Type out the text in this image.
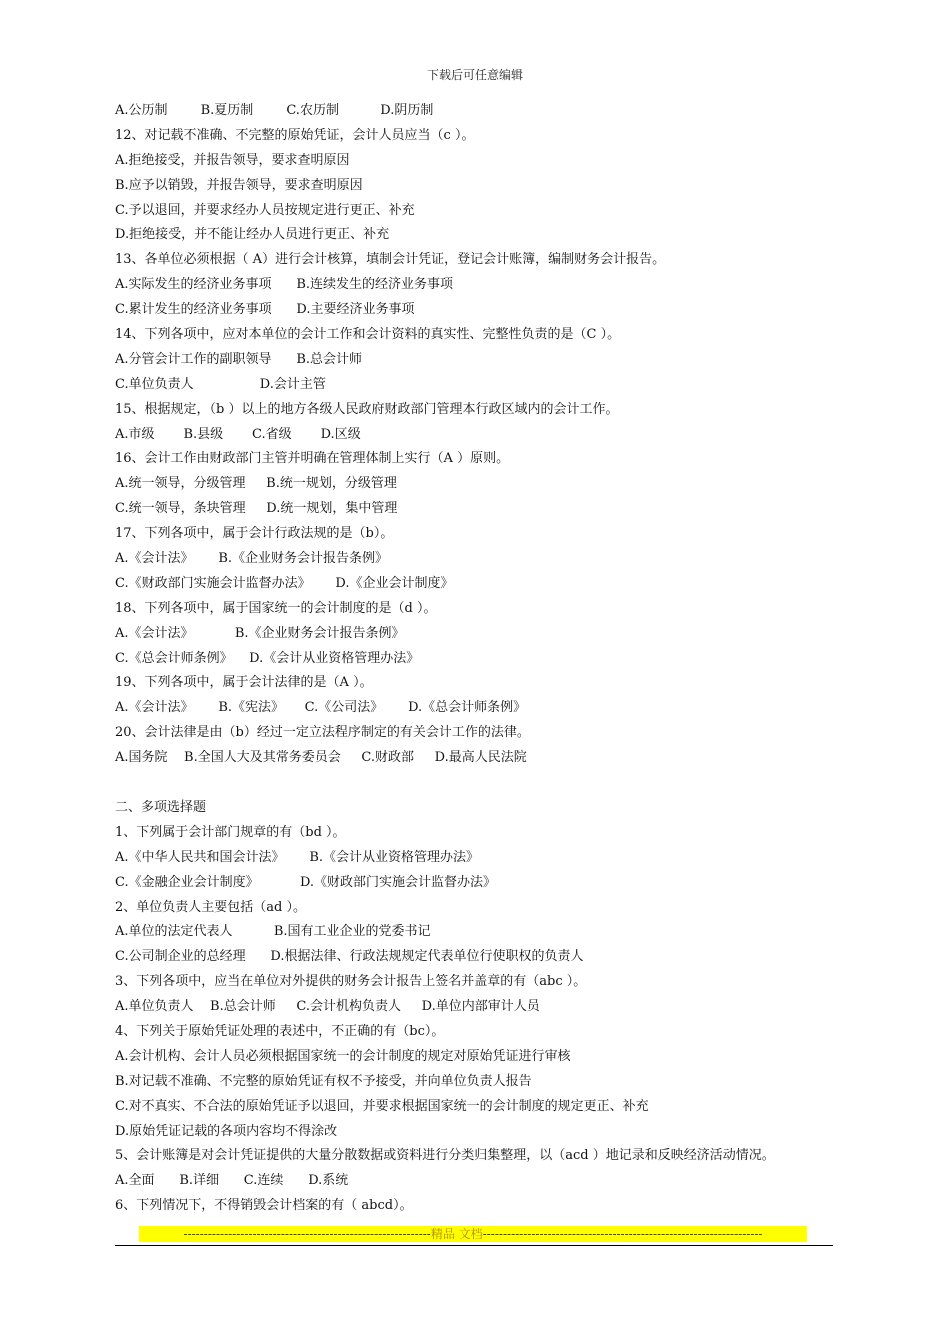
下载后可任意编辑
A.公历制        B.夏历制        C.农历制          D.阴历制
12、对记载不准确、不完整的原始凭证，会计人员应当（c ）。
A.拒绝接受，并报告领导，要求查明原因
B.应予以销毁，并报告领导，要求查明原因
C.予以退回，并要求经办人员按规定进行更正、补充
D.拒绝接受，并不能让经办人员进行更正、补充
13、各单位必须根据（ A）进行会计核算，填制会计凭证，登记会计账簿，编制财务会计报告。
A.实际发生的经济业务事项      B.连续发生的经济业务事项
C.累计发生的经济业务事项      D.主要经济业务事项
14、下列各项中，应对本单位的会计工作和会计资料的真实性、完整性负责的是（C ）。
A.分管会计工作的副职领导      B.总会计师
C.单位负责人                D.会计主管
15、根据规定，（b ）以上的地方各级人民政府财政部门管理本行政区域内的会计工作。
A.市级       B.县级       C.省级       D.区级
16、会计工作由财政部门主管并明确在管理体制上实行（A ）原则。
A.统一领导，分级管理     B.统一规划，分级管理
C.统一领导，条块管理     D.统一规划，集中管理
17、下列各项中，属于会计行政法规的是（b）。
A.《会计法》      B.《企业财务会计报告条例》
C.《财政部门实施会计监督办法》      D.《企业会计制度》
18、下列各项中，属于国家统一的会计制度的是（d ）。
A.《会计法》          B.《企业财务会计报告条例》
C.《总会计师条例》    D.《会计从业资格管理办法》
19、下列各项中，属于会计法律的是（A ）。
A.《会计法》      B.《宪法》     C.《公司法》      D.《总会计师条例》
20、会计法律是由（b）经过一定立法程序制定的有关会计工作的法律。
A.国务院    B.全国人大及其常务委员会     C.财政部     D.最高人民法院
二、多项选择题
1、下列属于会计部门规章的有（bd ）。
A.《中华人民共和国会计法》      B.《会计从业资格管理办法》
C.《金融企业会计制度》          D.《财政部门实施会计监督办法》
2、单位负责人主要包括（ad ）。
A.单位的法定代表人          B.国有工业企业的党委书记
C.公司制企业的总经理      D.根据法律、行政法规规定代表单位行使职权的负责人
3、下列各项中，应当在单位对外提供的财务会计报告上签名并盖章的有（abc ）。
A.单位负责人    B.总会计师     C.会计机构负责人     D.单位内部审计人员
4、下列关于原始凭证处理的表述中，不正确的有（bc）。
A.会计机构、会计人员必须根据国家统一的会计制度的规定对原始凭证进行审核
B.对记载不准确、不完整的原始凭证有权不予接受，并向单位负责人报告
C.对不真实、不合法的原始凭证予以退回，并要求根据国家统一的会计制度的规定更正、补充
D.原始凭证记载的各项内容均不得涂改
5、会计账簿是对会计凭证提供的大量分散数据或资料进行分类归集整理，以（acd ）地记录和反映经济活动情况。
A.全面      B.详细      C.连续      D.系统
6、下列情况下，不得销毁会计档案的有（ abcd）。
-------------------------------------------------------------精品 文档---------------------------------------------------------------------
